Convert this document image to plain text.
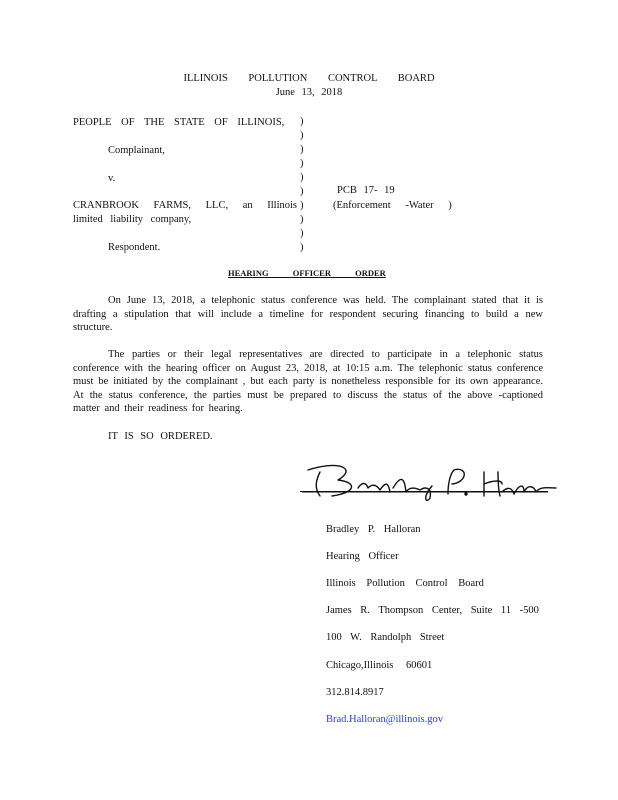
ILLINOIS POLLUTION CONTROL BOARD
June 13, 2018
PEOPLE OF THE STATE OF ILLINOIS,
Complainant,
v.
CRANBROOK FARMS, LLC, an Illinois
limited liability company,
Respondent.
)
)
)
)
)
)
)
)
)
)
PCB 17- 19
(Enforcement -Water )
HEARING OFFICER ORDER
On June 13, 2018, a telephonic status conference was held. The complainant stated that it is drafting a stipulation that will include a timeline for respondent securing financing to build a new structure.
The parties or their legal representatives are directed to participate in a telephonic status conference with the hearing officer on August 23, 2018, at 10:15 a.m. The telephonic status conference must be initiated by the complainant , but each party is nonetheless responsible for its own appearance. At the status conference, the parties must be prepared to discuss the status of the above -captioned matter and their readiness for hearing.
IT IS SO ORDERED.

Bradley P. Halloran

Hearing Officer

Illinois Pollution Control Board

James R. Thompson Center, Suite 11 -500

100 W. Randolph Street

Chicago,Illinois 60601

312.814.8917

Brad.Halloran@illinois.gov
